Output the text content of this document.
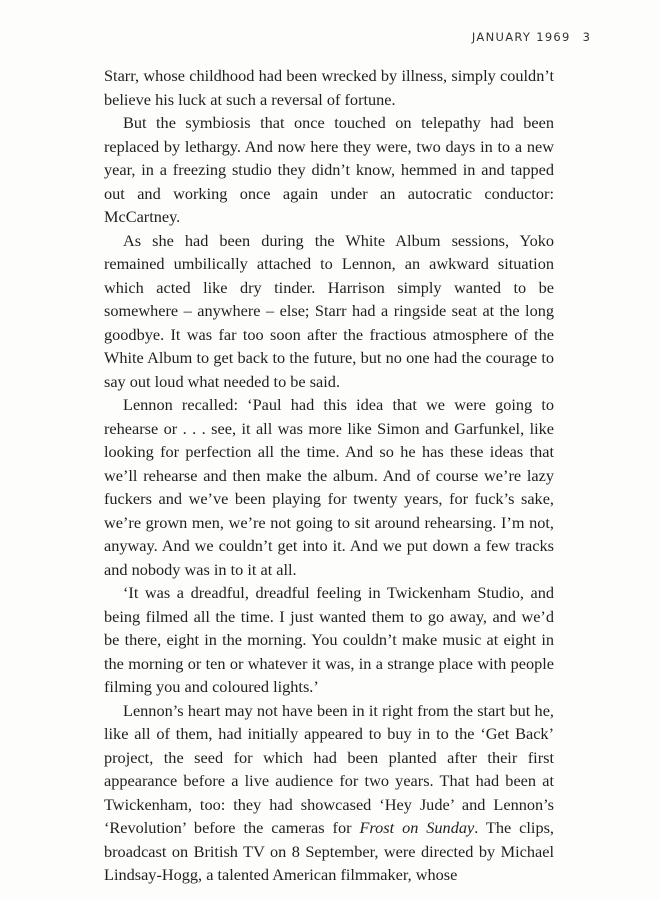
JANUARY 1969 3

Starr, whose childhood had been wrecked by illness, simply couldn’t believe his luck at such a reversal of fortune.

But the symbiosis that once touched on telepathy had been replaced by lethargy. And now here they were, two days in to a new year, in a freezing studio they didn’t know, hemmed in and tapped out and working once again under an autocratic conductor: McCartney.

As she had been during the White Album sessions, Yoko remained umbilically attached to Lennon, an awkward situation which acted like dry tinder. Harrison simply wanted to be somewhere – anywhere – else; Starr had a ringside seat at the long goodbye. It was far too soon after the fractious atmosphere of the White Album to get back to the future, but no one had the courage to say out loud what needed to be said.

Lennon recalled: ‘Paul had this idea that we were going to rehearse or . . . see, it all was more like Simon and Garfunkel, like looking for perfection all the time. And so he has these ideas that we’ll rehearse and then make the album. And of course we’re lazy fuckers and we’ve been playing for twenty years, for fuck’s sake, we’re grown men, we’re not going to sit around rehearsing. I’m not, anyway. And we couldn’t get into it. And we put down a few tracks and nobody was in to it at all.

‘It was a dreadful, dreadful feeling in Twickenham Studio, and being filmed all the time. I just wanted them to go away, and we’d be there, eight in the morning. You couldn’t make music at eight in the morning or ten or whatever it was, in a strange place with people filming you and coloured lights.’

Lennon’s heart may not have been in it right from the start but he, like all of them, had initially appeared to buy in to the ‘Get Back’ project, the seed for which had been planted after their first appearance before a live audience for two years. That had been at Twickenham, too: they had showcased ‘Hey Jude’ and Lennon’s ‘Revolution’ before the cameras for Frost on Sunday. The clips, broadcast on British TV on 8 September, were directed by Michael Lindsay-Hogg, a talented American filmmaker, whose
